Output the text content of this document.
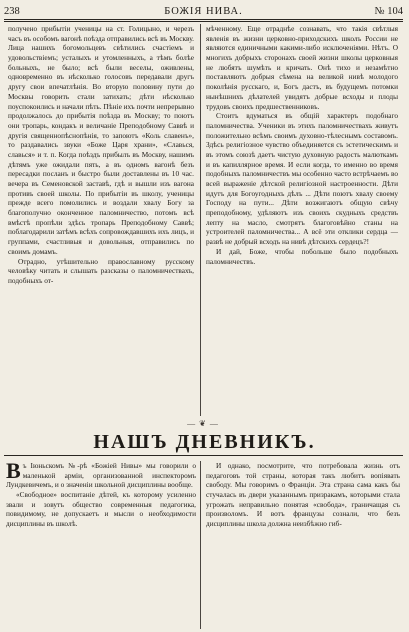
238	БОЖІЯ НИВА.	№ 104

получено прибытіи ученицы на ст. Голицыно, и черезъ часъ въ особомъ вагонѣ поѣзда отправились всѣ въ Москву. Лица нашихъ богомольцевъ свѣтились счастіемъ и удовольствіемъ; усталыхъ и утомленныхъ, а тѣмъ болѣе больныхъ, не было; всѣ были веселы, оживлены, одновременно въ нѣсколько голосовъ передавали другъ другу свои впечатлѣнія. Во вторую половину пути до Москвы говорить стали затихать; дѣти нѣсколько поуспокоились и начали пѣть. Пѣніе ихъ почти непрерывно продолжалось до прибытія поѣзда въ Москву; то поютъ они тропарь, кондакъ и величаніе Преподобному Саввѣ и другія священнопѣснопѣнія, то запоютъ «Коль славенъ», то раздавались звуки «Боже Царя храни», «Славься, славься» и т. п. Когда поѣздъ прибылъ въ Москву, нашимъ дѣтямъ уже ожидали пять, а въ одномъ вагонѣ безъ пересадки посланъ и быстро были доставлены въ 10 час. вечера въ Семеновской заставѣ, гдѣ и вышли изъ вагона противъ своей школы. По прибытіи въ школу, ученицы прежде всего помолились и воздали хвалу Богу за благополучно оконченное паломничество, потомъ всѣ вмѣстѣ пропѣли здѣсь тропарь Преподобному Саввѣ; поблагодарили затѣмъ всѣхъ сопровождавшихъ ихъ лицъ, и группами, счастливыя и довольныя, отправились по своимъ домамъ.

Отрадно, утѣшительно православному русскому человѣку читать и слышать разсказы о паломничествахъ, подобныхъ от-

мѣченному. Еще отраднѣе сознавать, что такія свѣтлыя явленія въ жизни церковно-приходскихъ школъ России не являются единичными какими-либо исключеніями. Нѣтъ. О многихъ добрыхъ сторонахъ своей жизни школы церковныя не любятъ шумѣть и кричать. Онѣ тихо и незамѣтно поставляютъ добрыя сѣмена на великой нивѣ молодого поколѣнія русскаго, и, Богъ дастъ, въ будущемъ потомки нынѣшнихъ дѣлателей увидятъ добрые всходы и плоды трудовъ своихъ предшественниковъ.

Стоитъ вдуматься въ общій характеръ подобнаго паломничества. Ученики въ этихъ паломничествахъ живутъ положительно всѣмъ своимъ духовно-тѣлеснымъ составомъ. Здѣсь религіозное чувство объединяется съ эстетическимъ и въ этомъ союзѣ даетъ чистую духовную радость малюткамъ и въ капиллярное время. И если когда, то именно во время подобныхъ паломничествъ мы особенно часто встрѣчаемъ во всей выраженіе дѣтской религіозной настроенности. Дѣти идутъ для Богоугодныхъ дѣлъ ... Дѣти поютъ хвалу своему Господу на пути... Дѣти возжигаютъ общую свѣчу преподобному, удѣляютъ изъ своихъ скудныхъ средствъ лепту на масло, смотрятъ благоговѣйно станы на устроителей паломничества... А всё эти отклики сердца — развѣ не добрый всходъ на нивѣ дѣтскихъ сердецъ?!

И дай, Боже, чтобы побольше было подобныхъ паломничествъ.

—❦—
НАШЪ ДНЕВНИКЪ.

Въ Іюньскомъ №-рѣ «Божіей Нивы» мы говорили о маленькой арміи, организованной инспекторомъ Лундкевичемъ, и о значеніи школьной дисциплины вообще.

«Свободное» воспитаніе дѣтей, къ которому усиленно звали и зовутъ общество современныя педагогика, повидимому, не допускаетъ и мысли о необходимости дисциплины въ школѣ.

И однако, посмотрите, что потребовала жизнь отъ педагоговъ той страны, которая такъ любитъ вопіявать свободу. Мы говоримъ о Франціи. Эта страна сама какъ бы стучалась въ двери указаннымъ призракамъ, которыми стала угрожать неправильно понятая «свобода», граничащая съ произволомъ. И вотъ французы сознали, что безъ дисциплины школа должна неизбѣжно гиб-
